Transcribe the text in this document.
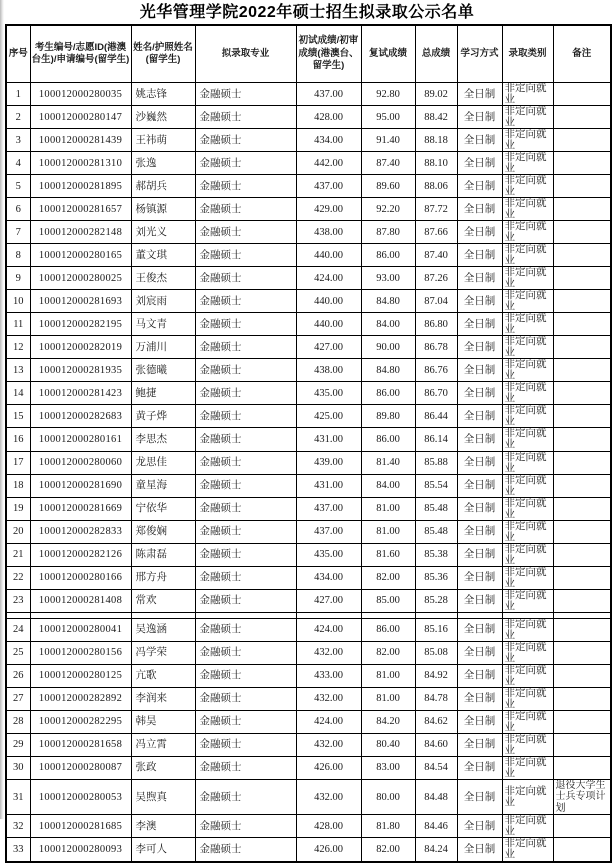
光华管理学院2022年硕士招生拟录取公示名单
序号	考生编号/志愿ID(港澳台生)/申请编号(留学生)	姓名/护照姓名(留学生)	拟录取专业	初试成绩/初审成绩(港澳台、留学生)	复试成绩	总成绩	学习方式	录取类别	备注
1	100012000280035	姚志锋	金融硕士	437.00	92.80	89.02	全日制	非定向就业	
2	100012000280147	沙巍然	金融硕士	428.00	95.00	88.42	全日制	非定向就业	
3	100012000281439	王祎萌	金融硕士	434.00	91.40	88.18	全日制	非定向就业	
4	100012000281310	张逸	金融硕士	442.00	87.40	88.10	全日制	非定向就业	
5	100012000281895	郝胡兵	金融硕士	437.00	89.60	88.06	全日制	非定向就业	
6	100012000281657	杨镇源	金融硕士	429.00	92.20	87.72	全日制	非定向就业	
7	100012000282148	刘光义	金融硕士	438.00	87.80	87.66	全日制	非定向就业	
8	100012000280165	董文琪	金融硕士	440.00	86.00	87.40	全日制	非定向就业	
9	100012000280025	王俊杰	金融硕士	424.00	93.00	87.26	全日制	非定向就业	
10	100012000281693	刘宸雨	金融硕士	440.00	84.80	87.04	全日制	非定向就业	
11	100012000282195	马文青	金融硕士	440.00	84.00	86.80	全日制	非定向就业	
12	100012000282019	万浦川	金融硕士	427.00	90.00	86.78	全日制	非定向就业	
13	100012000281935	张德曦	金融硕士	438.00	84.80	86.76	全日制	非定向就业	
14	100012000281423	鲍捷	金融硕士	435.00	86.00	86.70	全日制	非定向就业	
15	100012000282683	黄子烨	金融硕士	425.00	89.80	86.44	全日制	非定向就业	
16	100012000280161	李思杰	金融硕士	431.00	86.00	86.14	全日制	非定向就业	
17	100012000280060	龙思佳	金融硕士	439.00	81.40	85.88	全日制	非定向就业	
18	100012000281690	童星海	金融硕士	431.00	84.00	85.54	全日制	非定向就业	
19	100012000281669	宁依华	金融硕士	437.00	81.00	85.48	全日制	非定向就业	
20	100012000282833	郑俊娴	金融硕士	437.00	81.00	85.48	全日制	非定向就业	
21	100012000282126	陈肃磊	金融硕士	435.00	81.60	85.38	全日制	非定向就业	
22	100012000280166	邢方舟	金融硕士	434.00	82.00	85.36	全日制	非定向就业	
23	100012000281408	常欢	金融硕士	427.00	85.00	85.28	全日制	非定向就业	

24	100012000280041	吴逸涵	金融硕士	424.00	86.00	85.16	全日制	非定向就业	
25	100012000280156	冯学荣	金融硕士	432.00	82.00	85.08	全日制	非定向就业	
26	100012000280125	亢歌	金融硕士	433.00	81.00	84.92	全日制	非定向就业	
27	100012000282892	李润来	金融硕士	432.00	81.00	84.78	全日制	非定向就业	
28	100012000282295	韩昊	金融硕士	424.00	84.20	84.62	全日制	非定向就业	
29	100012000281658	冯立霄	金融硕士	432.00	80.40	84.60	全日制	非定向就业	
30	100012000280087	张政	金融硕士	426.00	83.00	84.54	全日制	非定向就业	
31	100012000280053	吴煦真	金融硕士	432.00	80.00	84.48	全日制	非定向就业	退役大学生士兵专项计划
32	100012000281685	李澳	金融硕士	428.00	81.80	84.46	全日制	非定向就业	
33	100012000280093	李可人	金融硕士	426.00	82.00	84.24	全日制	非定向就业	
